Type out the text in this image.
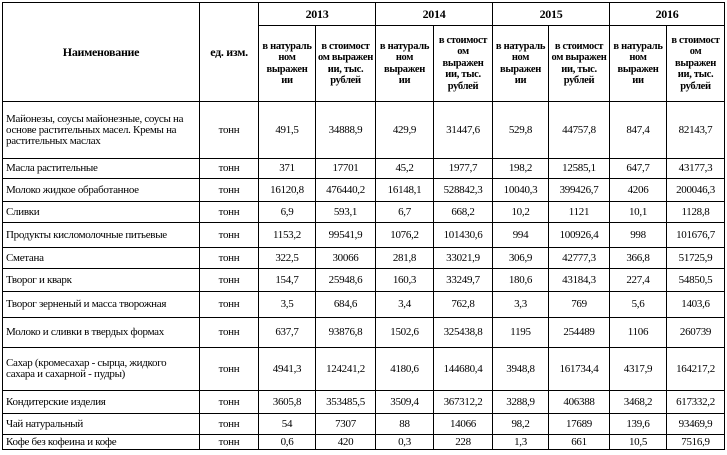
Наименование	ед. изм.	2013		2014		2015		2016	
		в натураль ном выражен ии	в стоимост ом выражен ии, тыс. рублей	в натураль ном выражен ии	в стоимост ом выражен ии, тыс. рублей	в натураль ном выражен ии	в стоимост ом выражен ии, тыс. рублей	в натураль ном выражен ии	в стоимост ом выражен ии, тыс. рублей
Майонезы, соусы майонезные, соусы на основе растительных масел. Кремы на растительных маслах	тонн	491,5	34888,9	429,9	31447,6	529,8	44757,8	847,4	82143,7
Масла растительные	тонн	371	17701	45,2	1977,7	198,2	12585,1	647,7	43177,3
Молоко жидкое обработанное	тонн	16120,8	476440,2	16148,1	528842,3	10040,3	399426,7	4206	200046,3
Сливки	тонн	6,9	593,1	6,7	668,2	10,2	1121	10,1	1128,8
Продукты кисломолочные питьевые	тонн	1153,2	99541,9	1076,2	101430,6	994	100926,4	998	101676,7
Сметана	тонн	322,5	30066	281,8	33021,9	306,9	42777,3	366,8	51725,9
Творог и кварк	тонн	154,7	25948,6	160,3	33249,7	180,6	43184,3	227,4	54850,5
Творог зерненый и масса творожная	тонн	3,5	684,6	3,4	762,8	3,3	769	5,6	1403,6
Молоко и сливки в твердых формах	тонн	637,7	93876,8	1502,6	325438,8	1195	254489	1106	260739
Сахар (кромесахар - сырца, жидкого сахара и сахарной - пудры)	тонн	4941,3	124241,2	4180,6	144680,4	3948,8	161734,4	4317,9	164217,2
Кондитерские изделия	тонн	3605,8	353485,5	3509,4	367312,2	3288,9	406388	3468,2	617332,2
Чай натуральный	тонн	54	7307	88	14066	98,2	17689	139,6	93469,9
Кофе без кофеина и кофе	тонн	0,6	420	0,3	228	1,3	661	10,5	7516,9
